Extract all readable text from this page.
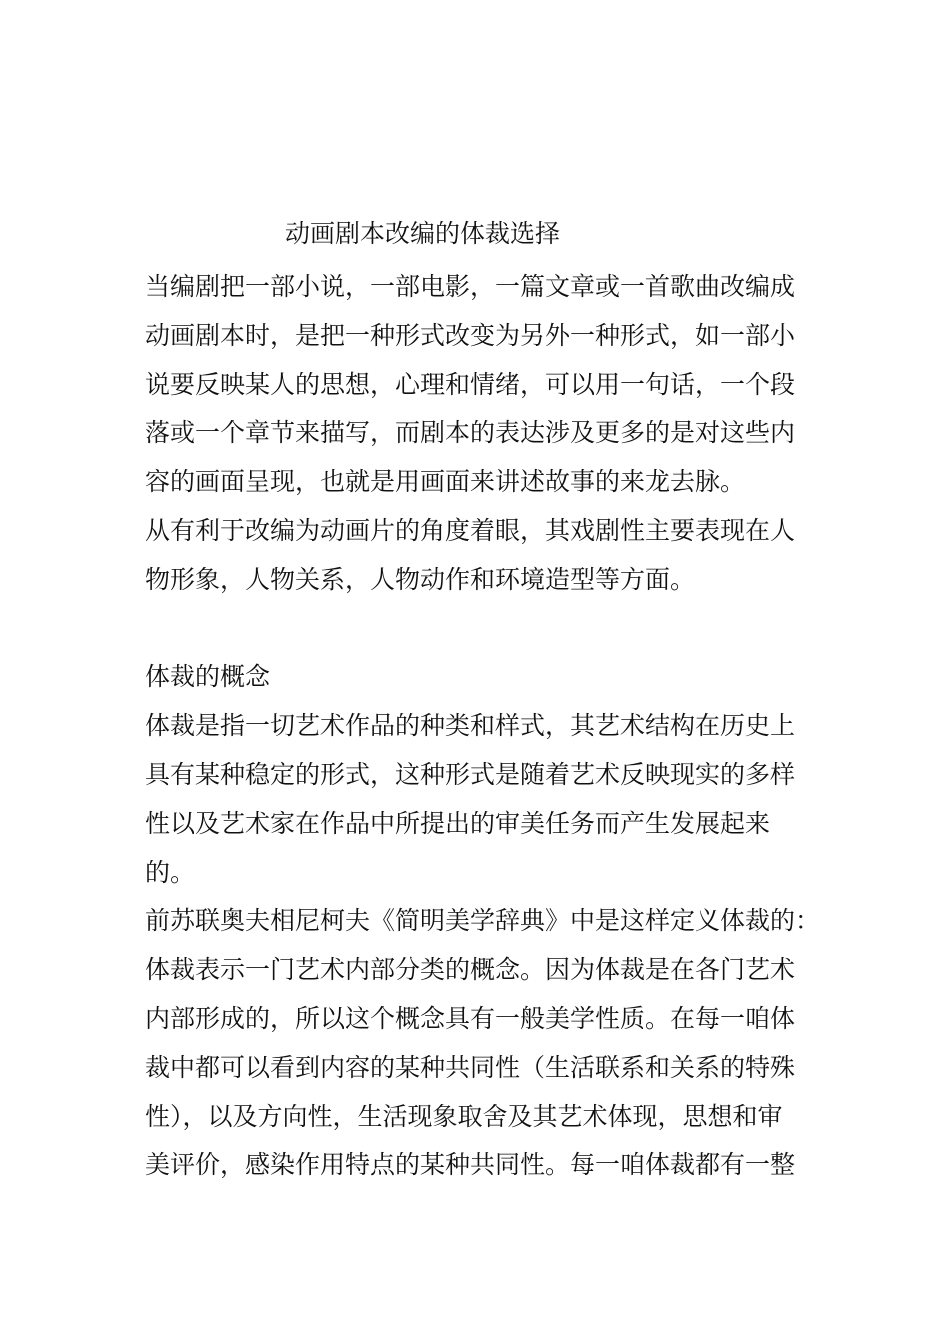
动画剧本改编的体裁选择
当编剧把一部小说，一部电影，一篇文章或一首歌曲改编成
动画剧本时，是把一种形式改变为另外一种形式，如一部小
说要反映某人的思想，心理和情绪，可以用一句话，一个段
落或一个章节来描写，而剧本的表达涉及更多的是对这些内
容的画面呈现，也就是用画面来讲述故事的来龙去脉。
从有利于改编为动画片的角度着眼，其戏剧性主要表现在人
物形象，人物关系，人物动作和环境造型等方面。
体裁的概念
体裁是指一切艺术作品的种类和样式，其艺术结构在历史上
具有某种稳定的形式，这种形式是随着艺术反映现实的多样
性以及艺术家在作品中所提出的审美任务而产生发展起来
的。
前苏联奥夫相尼柯夫《简明美学辞典》中是这样定义体裁的：
体裁表示一门艺术内部分类的概念。因为体裁是在各门艺术
内部形成的，所以这个概念具有一般美学性质。在每一咱体
裁中都可以看到内容的某种共同性（生活联系和关系的特殊
性），以及方向性，生活现象取舍及其艺术体现，思想和审
美评价，感染作用特点的某种共同性。每一咱体裁都有一整
